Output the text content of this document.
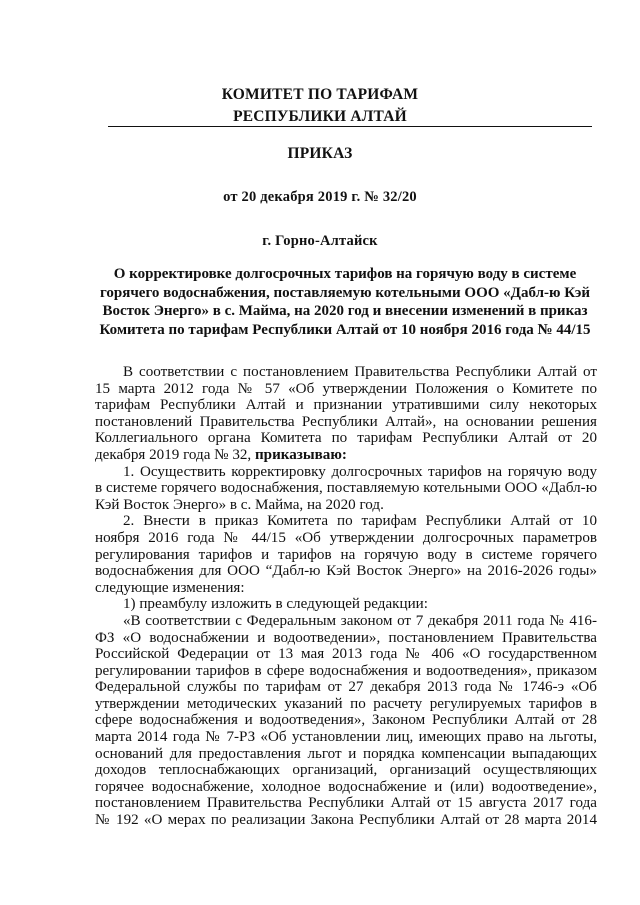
КОМИТЕТ ПО ТАРИФАМ
РЕСПУБЛИКИ АЛТАЙ
ПРИКАЗ
от 20 декабря 2019 г. № 32/20
г. Горно-Алтайск
О корректировке долгосрочных тарифов на горячую воду в системе
горячего водоснабжения, поставляемую котельными ООО «Дабл-ю Кэй
Восток Энерго» в с. Майма, на 2020 год и внесении изменений в приказ
Комитета по тарифам Республики Алтай от 10 ноября 2016 года № 44/15
В соответствии с постановлением Правительства Республики Алтай от
15 марта 2012 года № 57 «Об утверждении Положения о Комитете по
тарифам Республики Алтай и признании утратившими силу некоторых
постановлений Правительства Республики Алтай», на основании решения
Коллегиального органа Комитета по тарифам Республики Алтай от 20
декабря 2019 года № 32, приказываю:
1. Осуществить корректировку долгосрочных тарифов на горячую воду
в системе горячего водоснабжения, поставляемую котельными ООО «Дабл-ю
Кэй Восток Энерго» в с. Майма, на 2020 год.
2. Внести в приказ Комитета по тарифам Республики Алтай от 10
ноября 2016 года № 44/15 «Об утверждении долгосрочных параметров
регулирования тарифов и тарифов на горячую воду в системе горячего
водоснабжения для ООО “Дабл-ю Кэй Восток Энерго» на 2016-2026 годы»
следующие изменения:
1) преамбулу изложить в следующей редакции:
«В соответствии с Федеральным законом от 7 декабря 2011 года № 416-
ФЗ «О водоснабжении и водоотведении», постановлением Правительства
Российской Федерации от 13 мая 2013 года № 406 «О государственном
регулировании тарифов в сфере водоснабжения и водоотведения», приказом
Федеральной службы по тарифам от 27 декабря 2013 года № 1746-э «Об
утверждении методических указаний по расчету регулируемых тарифов в
сфере водоснабжения и водоотведения», Законом Республики Алтай от 28
марта 2014 года № 7-РЗ «Об установлении лиц, имеющих право на льготы,
оснований для предоставления льгот и порядка компенсации выпадающих
доходов теплоснабжающих организаций, организаций осуществляющих
горячее водоснабжение, холодное водоснабжение и (или) водоотведение»,
постановлением Правительства Республики Алтай от 15 августа 2017 года
№ 192 «О мерах по реализации Закона Республики Алтай от 28 марта 2014
